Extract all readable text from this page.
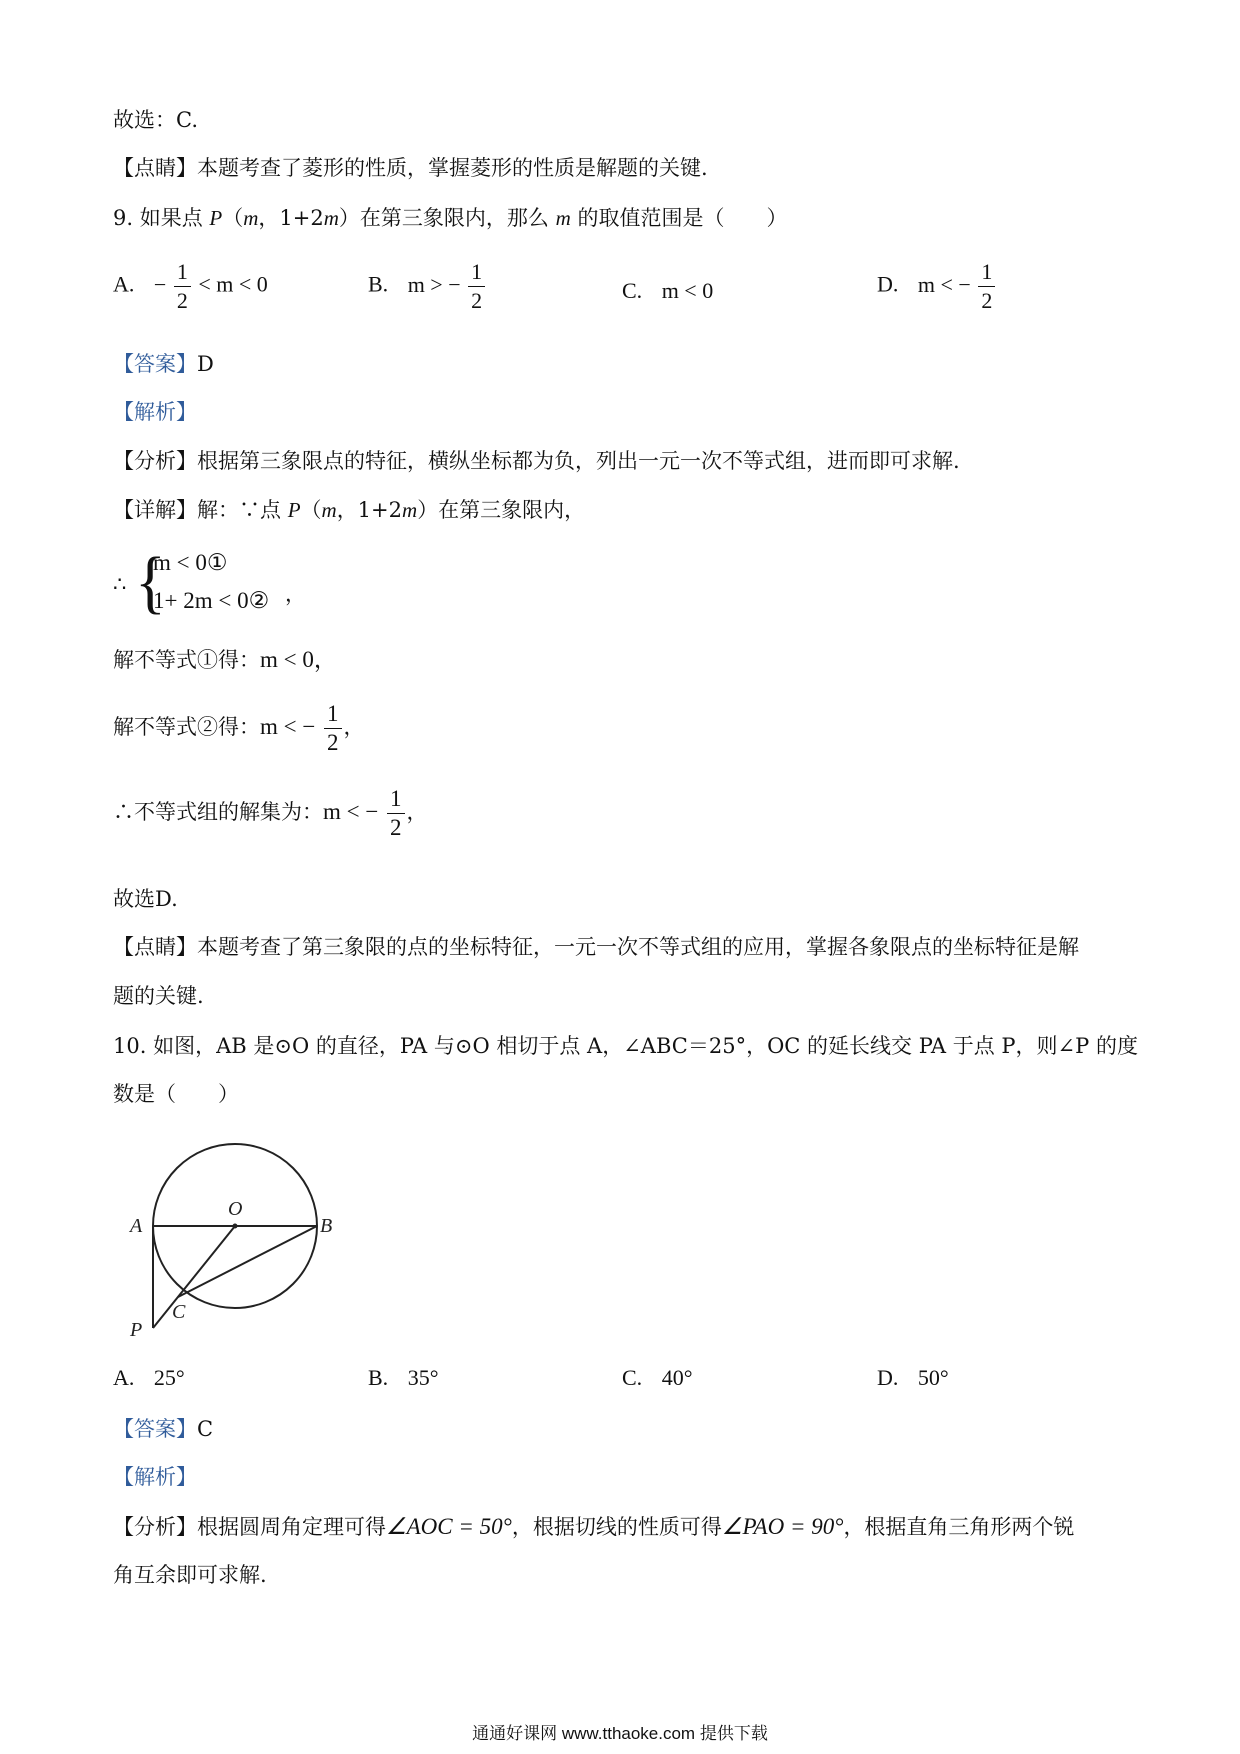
故选：C.
【点睛】本题考查了菱形的性质，掌握菱形的性质是解题的关键.
9. 如果点 P（m，1+2m）在第三象限内，那么 m 的取值范围是（　　）
A. − $\frac{1}{2} < m < 0$	B. m > − $\frac{1}{2}$	C. m < 0	D. m < − $\frac{1}{2}$
【答案】D
【解析】
【分析】根据第三象限点的特征，横纵坐标都为负，列出一元一次不等式组，进而即可求解.
【详解】解：∵点 P（m，1+2m）在第三象限内，
∴ {
m < 0①
1+ 2m < 0② ，
解不等式①得：m < 0，
解不等式②得：m < − $\frac{1}{2}$ ，
∴不等式组的解集为：m < − $\frac{1}{2}$ ，
故选D.
【点睛】本题考查了第三象限的点的坐标特征，一元一次不等式组的应用，掌握各象限点的坐标特征是解
题的关键.
10. 如图，AB 是⊙O 的直径，PA 与⊙O 相切于点 A，∠ABC＝25°，OC 的延长线交 PA 于点 P，则∠P 的度
数是（　　）
A
O
B
C
P
A. 25°	B. 35°	C. 40°	D. 50°
【答案】C
【解析】
【分析】根据圆周角定理可得∠AOC = 50°，根据切线的性质可得∠PAO = 90°，根据直角三角形两个锐
角互余即可求解.
通通好课网 www.tthaoke.com 提供下载
